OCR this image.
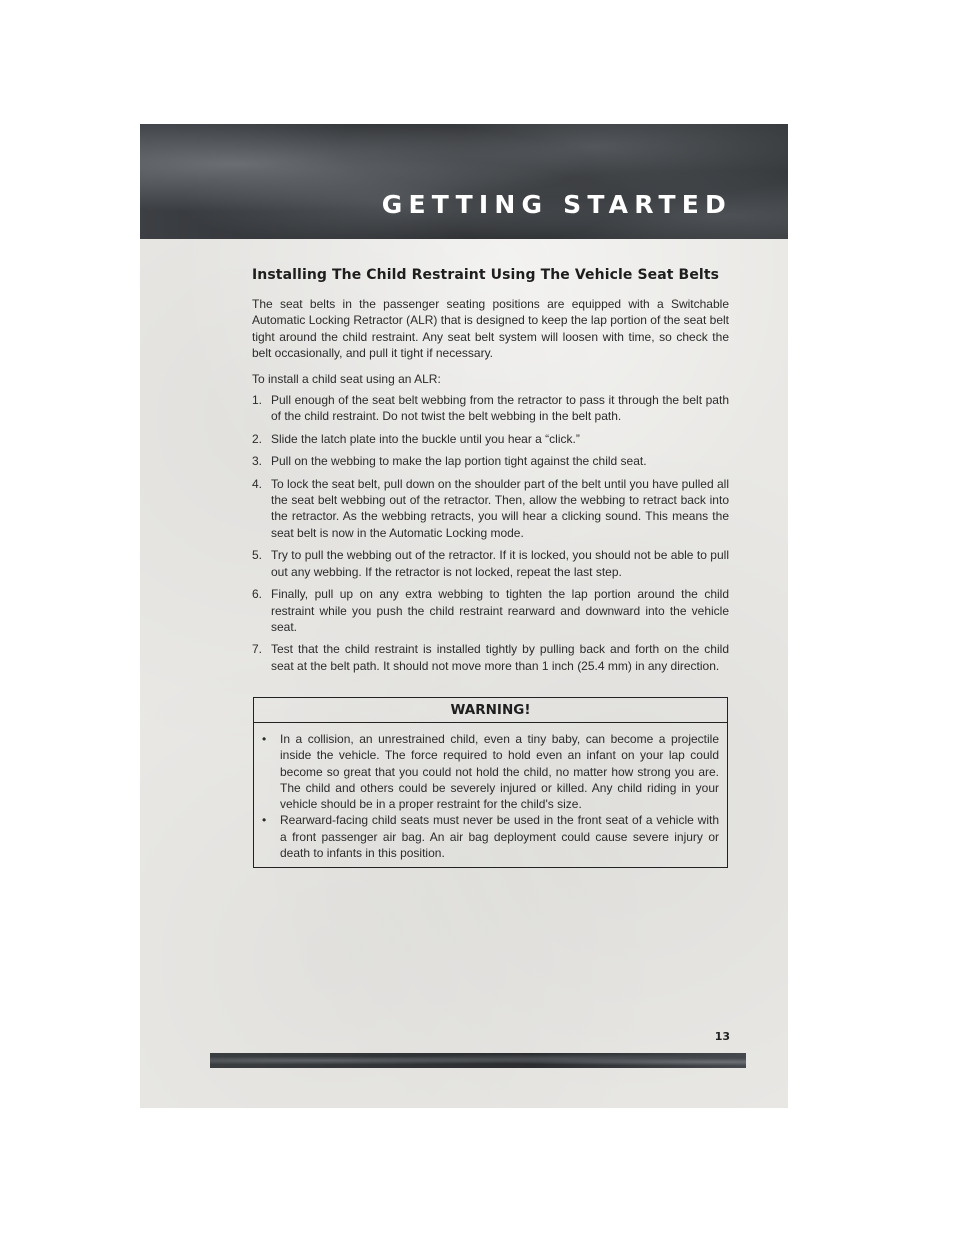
GETTING STARTED
Installing The Child Restraint Using The Vehicle Seat Belts

The seat belts in the passenger seating positions are equipped with a Switchable Automatic Locking Retractor (ALR) that is designed to keep the lap portion of the seat belt tight around the child restraint. Any seat belt system will loosen with time, so check the belt occasionally, and pull it tight if necessary.

To install a child seat using an ALR:

1. Pull enough of the seat belt webbing from the retractor to pass it through the belt path of the child restraint. Do not twist the belt webbing in the belt path.
2. Slide the latch plate into the buckle until you hear a “click.”
3. Pull on the webbing to make the lap portion tight against the child seat.
4. To lock the seat belt, pull down on the shoulder part of the belt until you have pulled all the seat belt webbing out of the retractor. Then, allow the webbing to retract back into the retractor. As the webbing retracts, you will hear a clicking sound. This means the seat belt is now in the Automatic Locking mode.
5. Try to pull the webbing out of the retractor. If it is locked, you should not be able to pull out any webbing. If the retractor is not locked, repeat the last step.
6. Finally, pull up on any extra webbing to tighten the lap portion around the child restraint while you push the child restraint rearward and downward into the vehicle seat.
7. Test that the child restraint is installed tightly by pulling back and forth on the child seat at the belt path. It should not move more than 1 inch (25.4 mm) in any direction.
WARNING!
• In a collision, an unrestrained child, even a tiny baby, can become a projectile inside the vehicle. The force required to hold even an infant on your lap could become so great that you could not hold the child, no matter how strong you are. The child and others could be severely injured or killed. Any child riding in your vehicle should be in a proper restraint for the child's size.
• Rearward-facing child seats must never be used in the front seat of a vehicle with a front passenger air bag. An air bag deployment could cause severe injury or death to infants in this position.
13
